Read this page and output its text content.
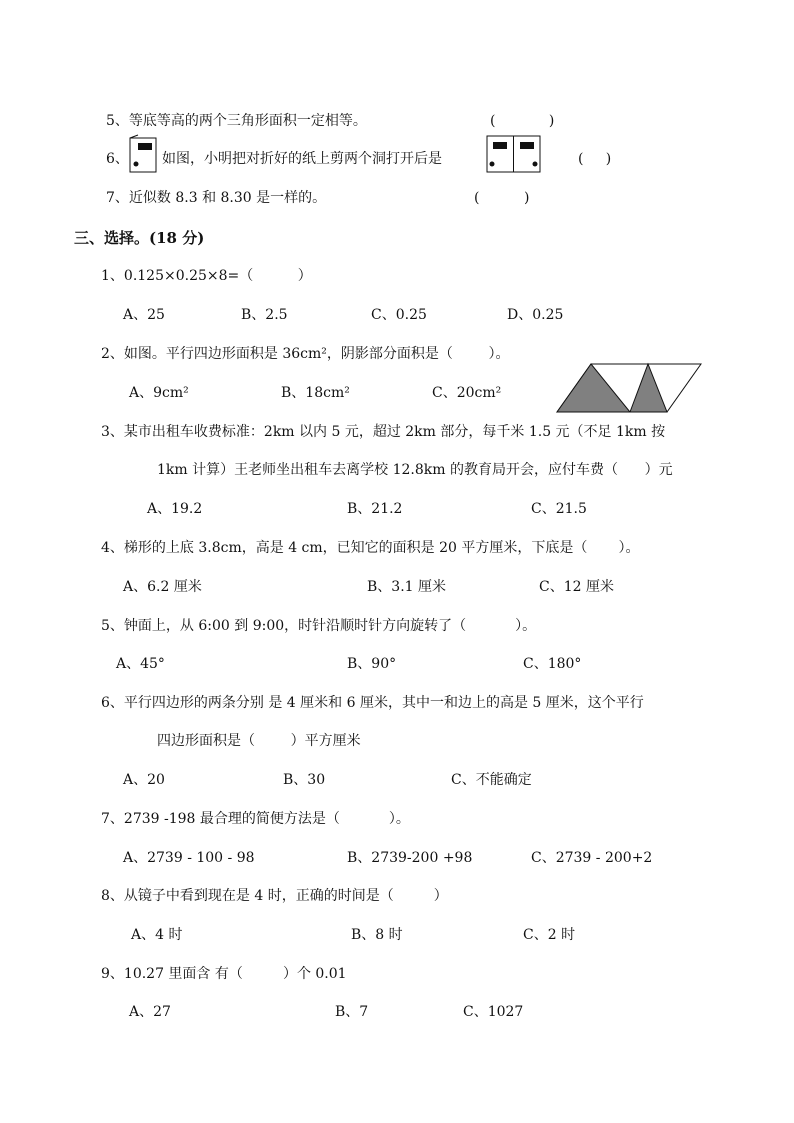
5、等底等高的两个三角形面积一定相等。	(            )
6、 如图，小明把对折好的纸上剪两个洞打开后是	(     )
7、近似数 8.3 和 8.30 是一样的。	(          )
三、选择。(18 分)
1、0.125×0.25×8=（          ）
A、25	B、2.5	C、0.25	D、0.25
2、如图。平行四边形面积是 36cm²，阴影部分面积是（        ）。
A、9cm²	B、18cm²	C、20cm²
3、某市出租车收费标准：2km 以内 5 元，超过 2km 部分，每千米 1.5 元（不足 1km 按
1km 计算）王老师坐出租车去离学校 12.8km 的教育局开会，应付车费（      ）元
A、19.2	B、21.2	C、21.5
4、梯形的上底 3.8cm，高是 4 cm，已知它的面积是 20 平方厘米，下底是（       ）。
A、6.2 厘米	B、3.1 厘米	C、12 厘米
5、钟面上，从 6:00 到 9:00，时针沿顺时针方向旋转了（           ）。
A、45°	B、90°	C、180°
6、平行四边形的两条分别 是 4 厘米和 6 厘米，其中一和边上的高是 5 厘米，这个平行
四边形面积是（        ）平方厘米
A、20	B、30	C、不能确定
7、2739 -198 最合理的简便方法是（           ）。
A、2739 - 100 - 98	B、2739-200 +98	C、2739 - 200+2
8、从镜子中看到现在是 4 时，正确的时间是（         ）
A、4 时	B、8 时	C、2 时
9、10.27 里面含 有（         ）个 0.01
A、27	B、7	C、1027
